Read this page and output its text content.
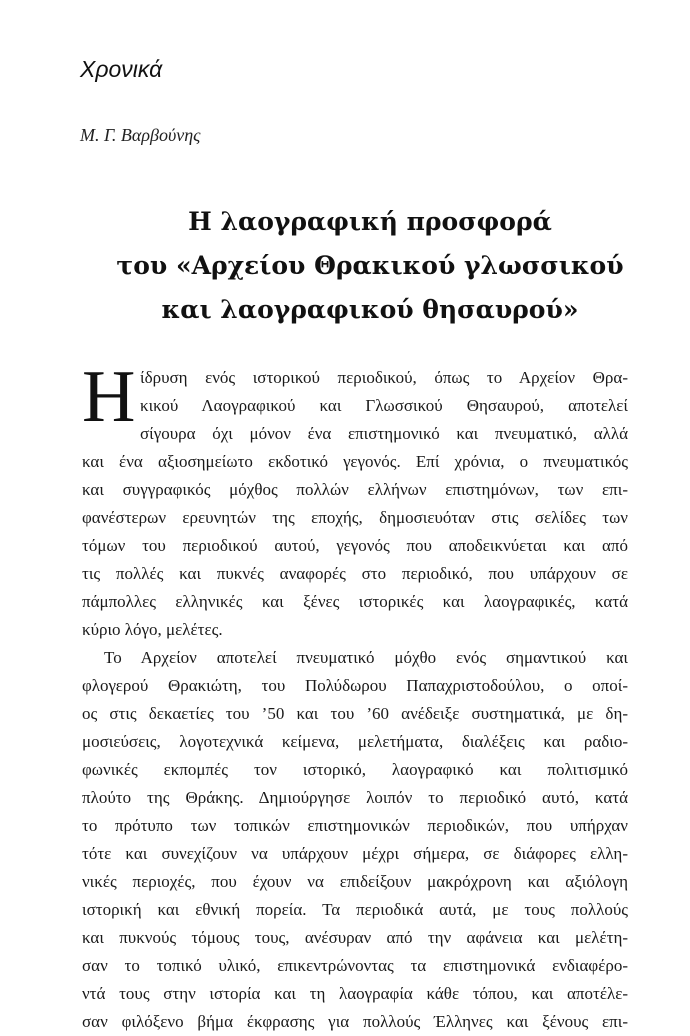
Χρονικά

Μ. Γ. Βαρβούνης

Η λαογραφική προσφορά
του «Αρχείου Θρακικού γλωσσικού
και λαογραφικού θησαυρού»
Η ίδρυση ενός ιστορικού περιοδικού, όπως το Αρχείον Θρα-
κικού Λαογραφικού και Γλωσσικού Θησαυρού, αποτελεί
σίγουρα όχι μόνον ένα επιστημονικό και πνευματικό, αλλά
και ένα αξιοσημείωτο εκδοτικό γεγονός. Επί χρόνια, ο πνευματικός
και συγγραφικός μόχθος πολλών ελλήνων επιστημόνων, των επι-
φανέστερων ερευνητών της εποχής, δημοσιευόταν στις σελίδες των
τόμων του περιοδικού αυτού, γεγονός που αποδεικνύεται και από
τις πολλές και πυκνές αναφορές στο περιοδικό, που υπάρχουν σε
πάμπολλες ελληνικές και ξένες ιστορικές και λαογραφικές, κατά
κύριο λόγο, μελέτες.
Το Αρχείον αποτελεί πνευματικό μόχθο ενός σημαντικού και
φλογερού Θρακιώτη, του Πολύδωρου Παπαχριστοδούλου, ο οποί-
ος στις δεκαετίες του ’50 και του ’60 ανέδειξε συστηματικά, με δη-
μοσιεύσεις, λογοτεχνικά κείμενα, μελετήματα, διαλέξεις και ραδιο-
φωνικές εκπομπές τον ιστορικό, λαογραφικό και πολιτισμικό
πλούτο της Θράκης. Δημιούργησε λοιπόν το περιοδικό αυτό, κατά
το πρότυπο των τοπικών επιστημονικών περιοδικών, που υπήρχαν
τότε και συνεχίζουν να υπάρχουν μέχρι σήμερα, σε διάφορες ελλη-
νικές περιοχές, που έχουν να επιδείξουν μακρόχρονη και αξιόλογη
ιστορική και εθνική πορεία. Τα περιοδικά αυτά, με τους πολλούς
και πυκνούς τόμους τους, ανέσυραν από την αφάνεια και μελέτη-
σαν το τοπικό υλικό, επικεντρώνοντας τα επιστημονικά ενδιαφέρο-
ντά τους στην ιστορία και τη λαογραφία κάθε τόπου, και αποτέλε-
σαν φιλόξενο βήμα έκφρασης για πολλούς Έλληνες και ξένους επι-
